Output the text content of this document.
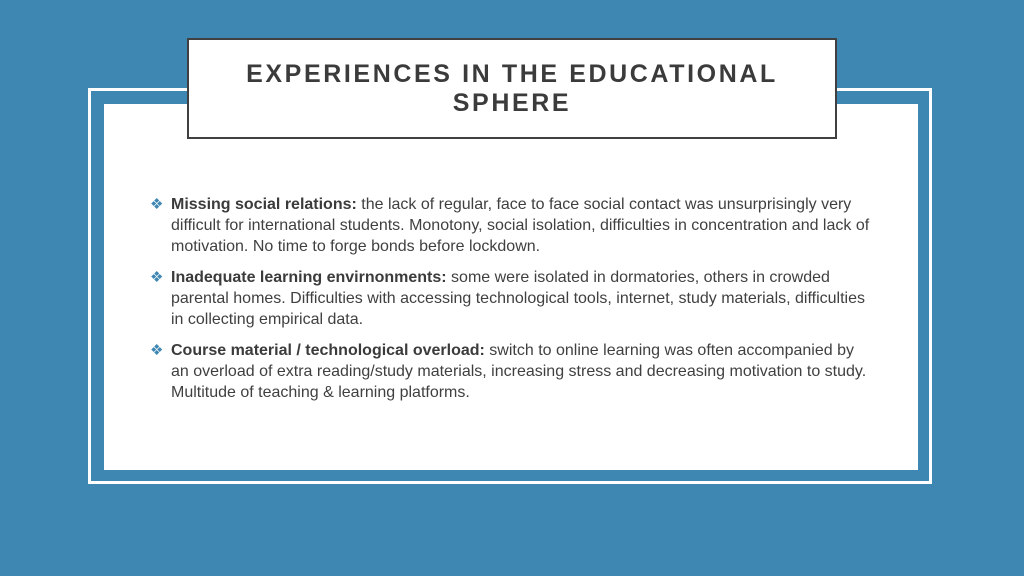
EXPERIENCES IN THE EDUCATIONAL
SPHERE
❖ Missing social relations: the lack of regular, face to face social contact was unsurprisingly very difficult for international students. Monotony, social isolation, difficulties in concentration and lack of motivation. No time to forge bonds before lockdown.
❖ Inadequate learning envirnonments: some were isolated in dormatories, others in crowded parental homes. Difficulties with accessing technological tools, internet, study materials, difficulties in collecting empirical data.
❖ Course material / technological overload: switch to online learning was often accompanied by an overload of extra reading/study materials, increasing stress and decreasing motivation to study. Multitude of teaching & learning platforms.
